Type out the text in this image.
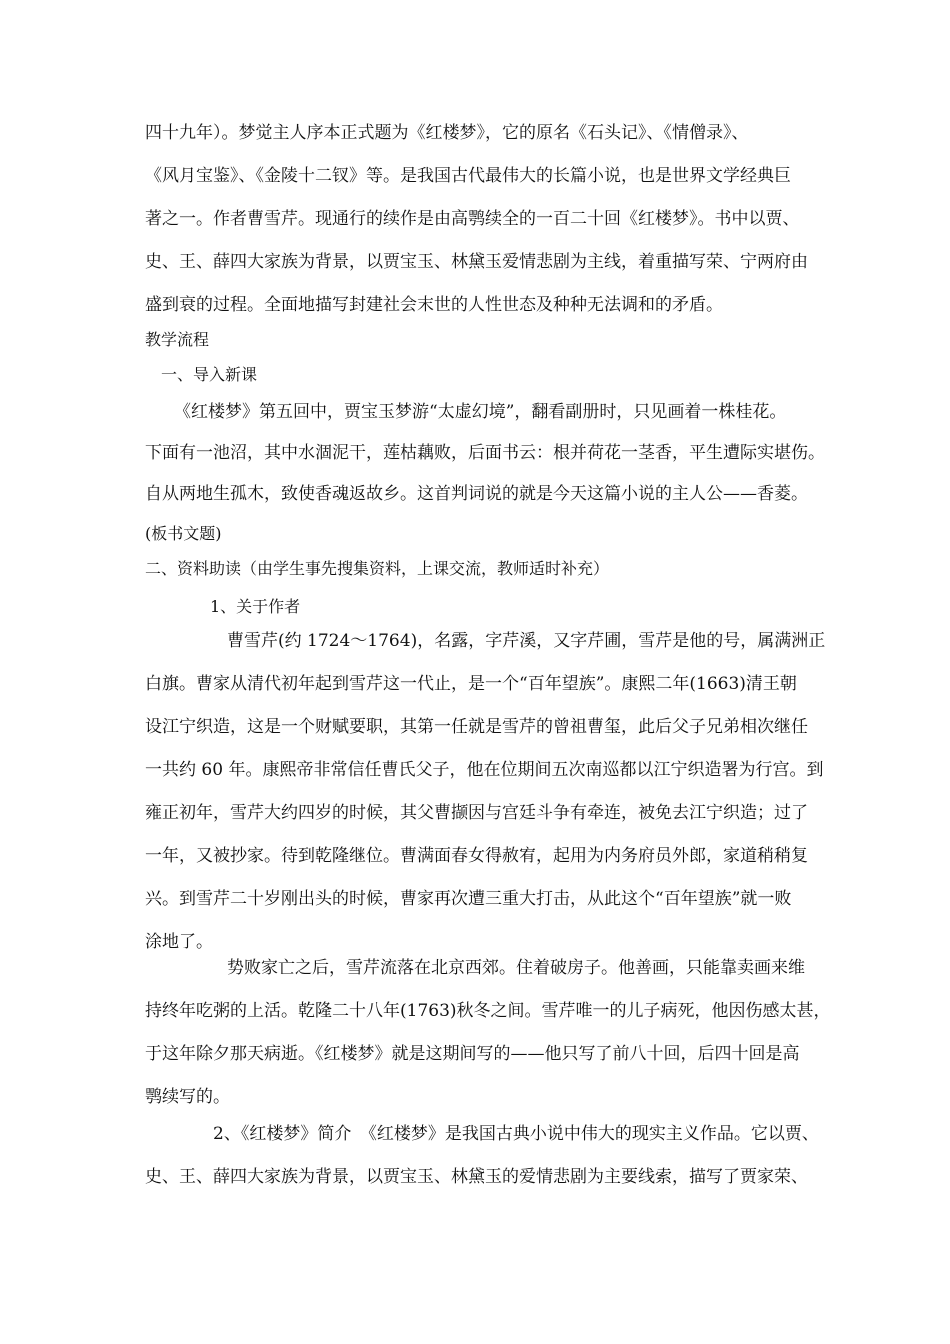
四十九年）。梦觉主人序本正式题为《红楼梦》，它的原名《石头记》、《情僧录》、
《风月宝鉴》、《金陵十二钗》等。是我国古代最伟大的长篇小说，也是世界文学经典巨
著之一。作者曹雪芹。现通行的续作是由高鹗续全的一百二十回《红楼梦》。书中以贾、
史、王、薛四大家族为背景，以贾宝玉、林黛玉爱情悲剧为主线，着重描写荣、宁两府由
盛到衰的过程。全面地描写封建社会末世的人性世态及种种无法调和的矛盾。
教学流程
一、导入新课
《红楼梦》第五回中，贾宝玉梦游“太虚幻境”，翻看副册时，只见画着一株桂花。
下面有一池沼，其中水涸泥干，莲枯藕败，后面书云：根并荷花一茎香，平生遭际实堪伤。
自从两地生孤木，致使香魂返故乡。这首判词说的就是今天这篇小说的主人公——香菱。
(板书文题)
二、资料助读（由学生事先搜集资料，上课交流，教师适时补充）
1、关于作者
曹雪芹(约 1724～1764)，名露，字芹溪，又字芹圃，雪芹是他的号，属满洲正
白旗。曹家从清代初年起到雪芹这一代止，是一个“百年望族”。康熙二年(1663)清王朝
设江宁织造，这是一个财赋要职，其第一任就是雪芹的曾祖曹玺，此后父子兄弟相次继任
一共约 60 年。康熙帝非常信任曹氏父子，他在位期间五次南巡都以江宁织造署为行宫。到
雍正初年，雪芹大约四岁的时候，其父曹撷因与宫廷斗争有牵连，被免去江宁织造；过了
一年，又被抄家。待到乾隆继位。曹满面春女得赦宥，起用为内务府员外郎，家道稍稍复
兴。到雪芹二十岁刚出头的时候，曹家再次遭三重大打击，从此这个“百年望族”就一败
涂地了。
势败家亡之后，雪芹流落在北京西郊。住着破房子。他善画，只能靠卖画来维
持终年吃粥的上活。乾隆二十八年(1763)秋冬之间。雪芹唯一的儿子病死，他因伤感太甚，
于这年除夕那天病逝。《红楼梦》就是这期间写的——他只写了前八十回，后四十回是高
鹗续写的。
2、《红楼梦》简介　《红楼梦》是我国古典小说中伟大的现实主义作品。它以贾、
史、王、薛四大家族为背景，以贾宝玉、林黛玉的爱情悲剧为主要线索，描写了贾家荣、
